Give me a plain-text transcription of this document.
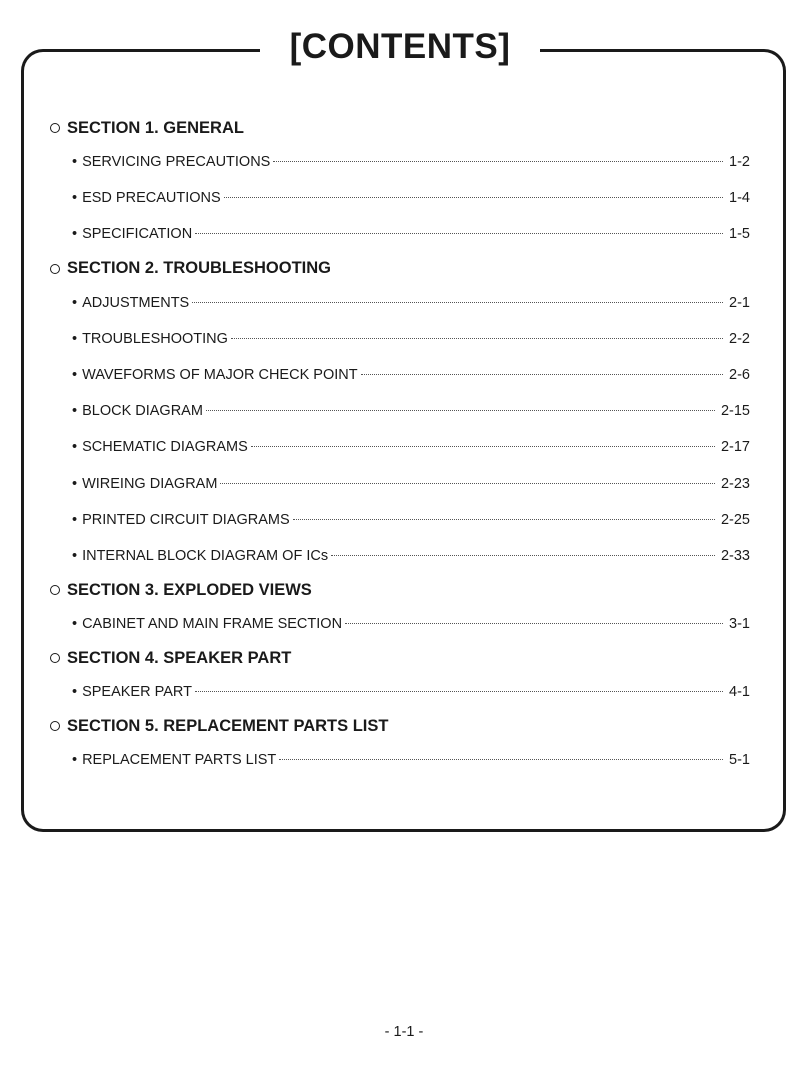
[CONTENTS]
SECTION 1. GENERAL
• SERVICING PRECAUTIONS	1-2
• ESD PRECAUTIONS	1-4
• SPECIFICATION	1-5
SECTION 2. TROUBLESHOOTING
• ADJUSTMENTS	2-1
• TROUBLESHOOTING	2-2
• WAVEFORMS OF MAJOR CHECK POINT	2-6
• BLOCK DIAGRAM	2-15
• SCHEMATIC DIAGRAMS	2-17
• WIREING DIAGRAM	2-23
• PRINTED CIRCUIT DIAGRAMS	2-25
• INTERNAL BLOCK DIAGRAM OF ICs	2-33
SECTION 3. EXPLODED VIEWS
• CABINET AND MAIN FRAME SECTION	3-1
SECTION 4. SPEAKER PART
• SPEAKER PART	4-1
SECTION 5. REPLACEMENT PARTS LIST
• REPLACEMENT PARTS LIST	5-1
- 1-1 -
